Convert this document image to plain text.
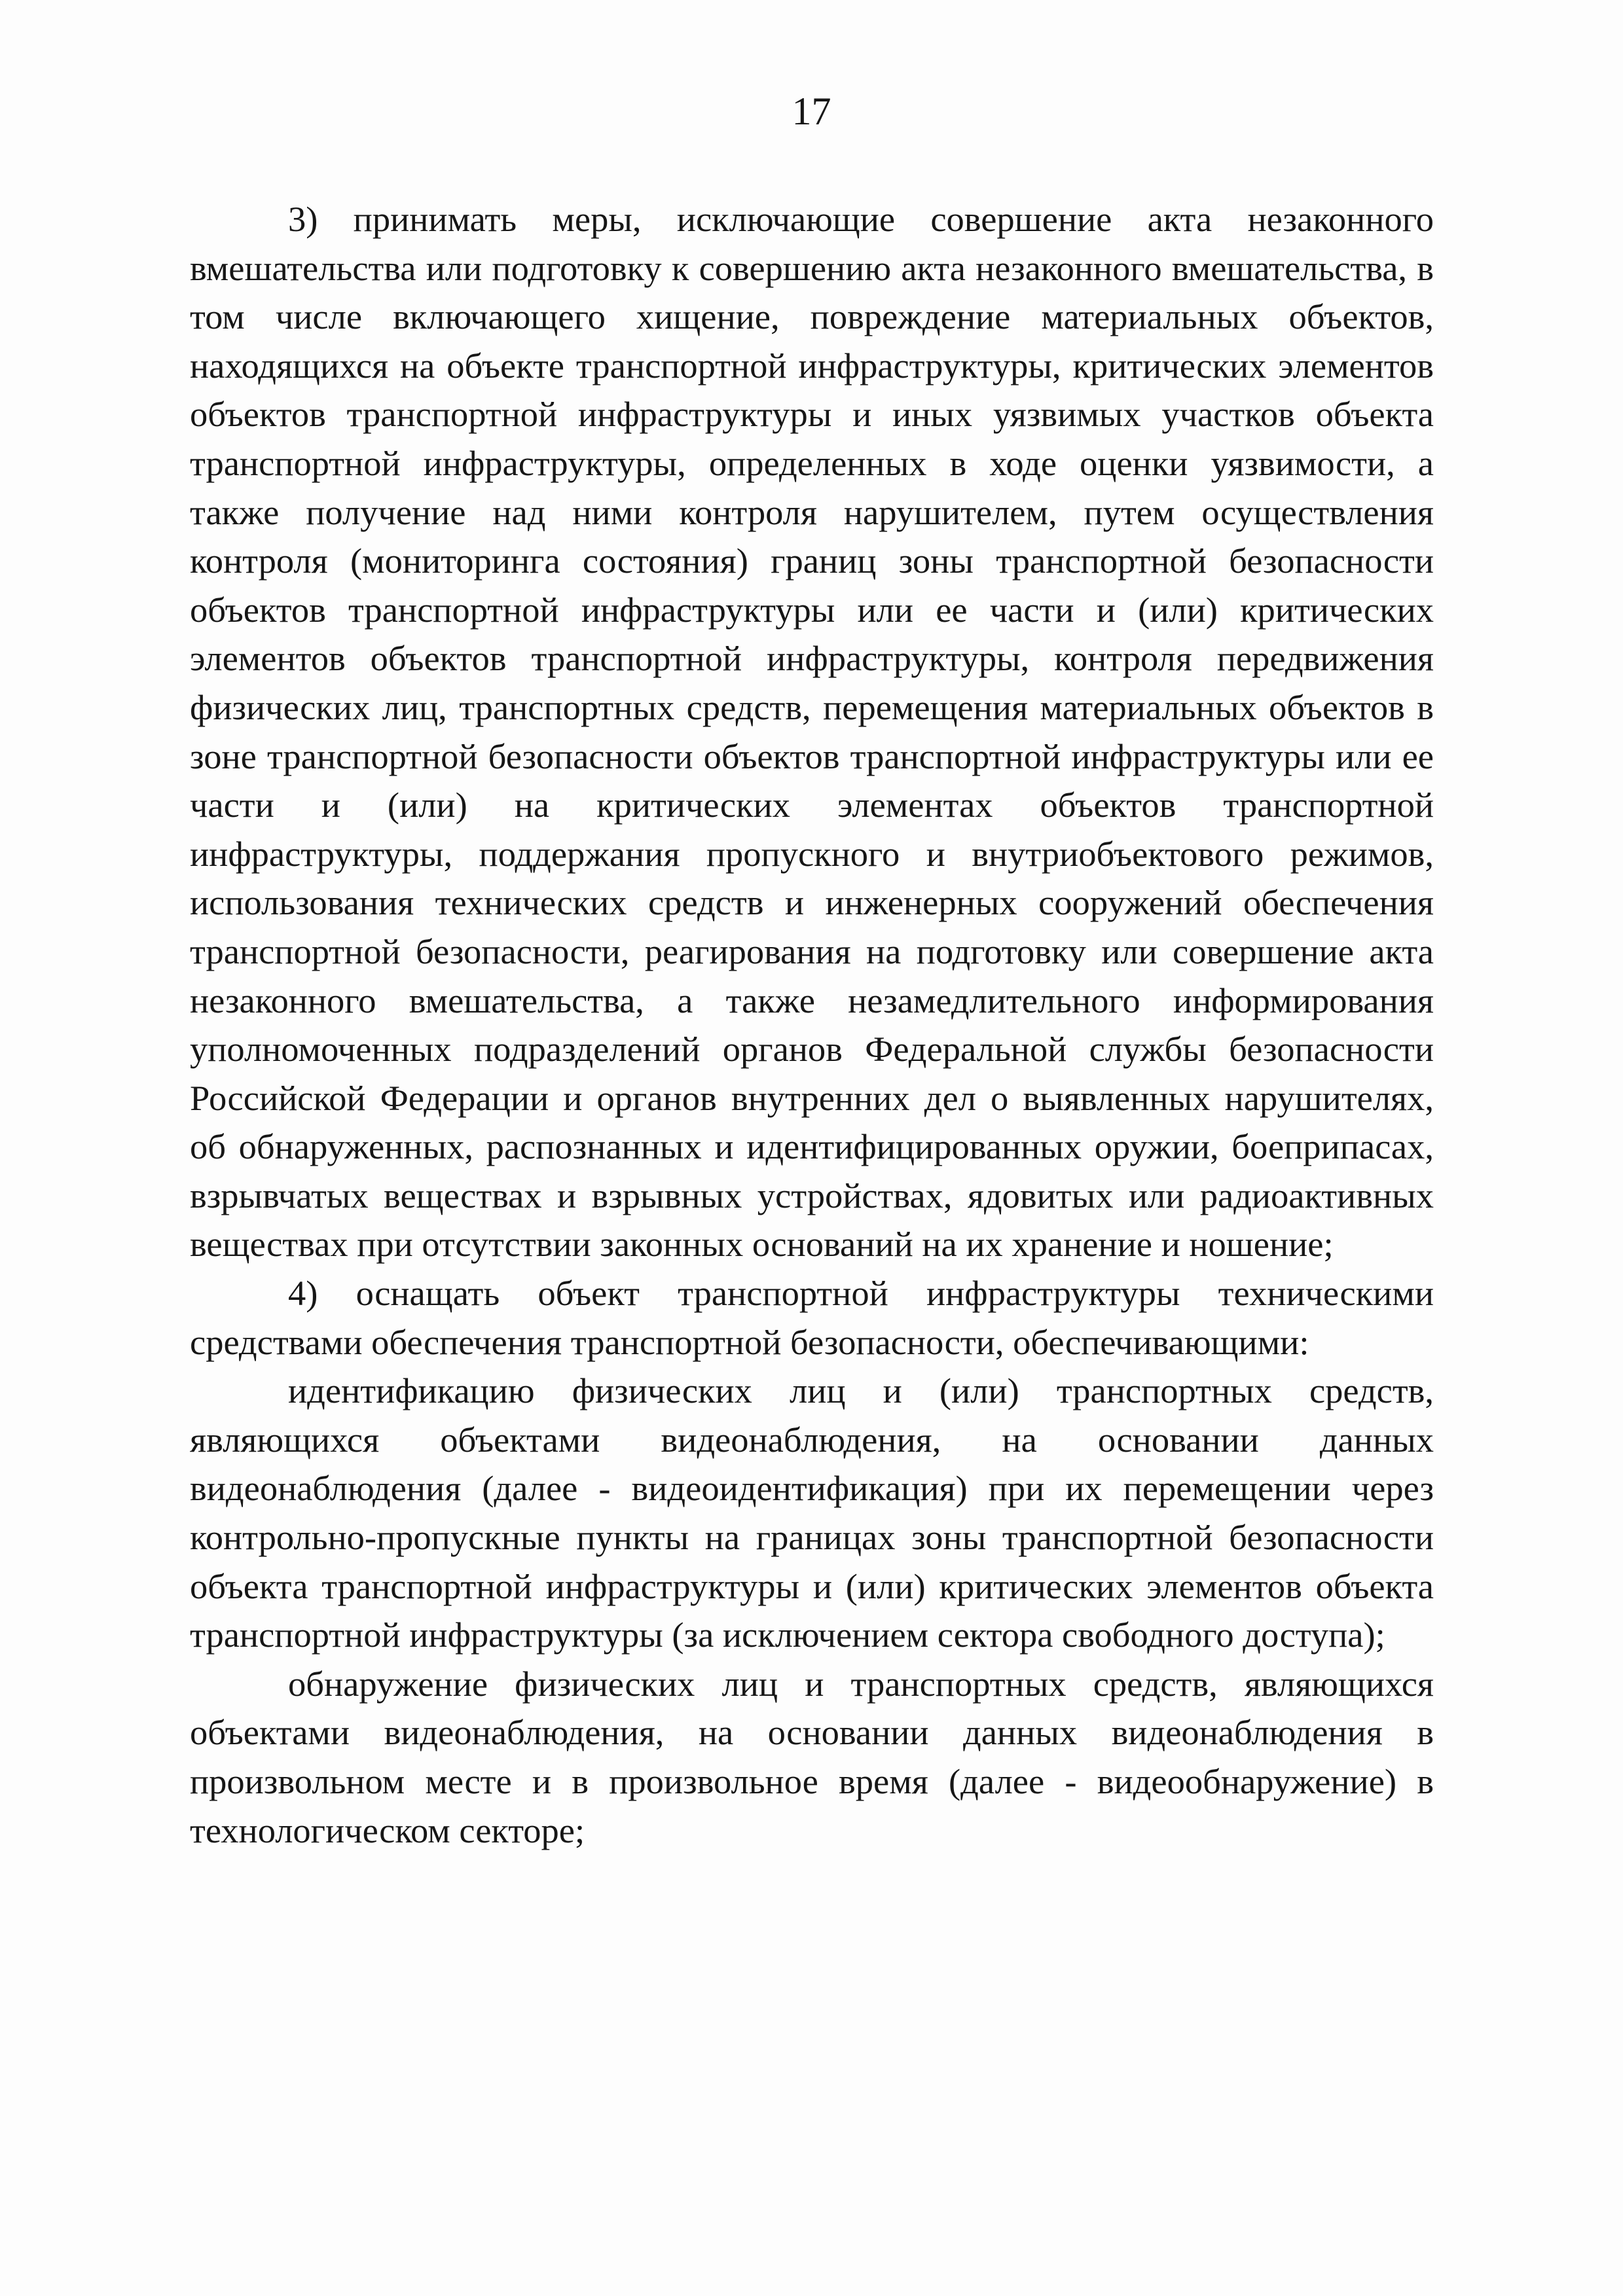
17

3) принимать меры, исключающие совершение акта незаконного вмешательства или подготовку к совершению акта незаконного вмешательства, в том числе включающего хищение, повреждение материальных объектов, находящихся на объекте транспортной инфраструктуры, критических элементов объектов транспортной инфраструктуры и иных уязвимых участков объекта транспортной инфраструктуры, определенных в ходе оценки уязвимости, а также получение над ними контроля нарушителем, путем осуществления контроля (мониторинга состояния) границ зоны транспортной безопасности объектов транспортной инфраструктуры или ее части и (или) критических элементов объектов транспортной инфраструктуры, контроля передвижения физических лиц, транспортных средств, перемещения материальных объектов в зоне транспортной безопасности объектов транспортной инфраструктуры или ее части и (или) на критических элементах объектов транспортной инфраструктуры, поддержания пропускного и внутриобъектового режимов, использования технических средств и инженерных сооружений обеспечения транспортной безопасности, реагирования на подготовку или совершение акта незаконного вмешательства, а также незамедлительного информирования уполномоченных подразделений органов Федеральной службы безопасности Российской Федерации и органов внутренних дел о выявленных нарушителях, об обнаруженных, распознанных и идентифицированных оружии, боеприпасах, взрывчатых веществах и взрывных устройствах, ядовитых или радиоактивных веществах при отсутствии законных оснований на их хранение и ношение;

4) оснащать объект транспортной инфраструктуры техническими средствами обеспечения транспортной безопасности, обеспечивающими:

идентификацию физических лиц и (или) транспортных средств, являющихся объектами видеонаблюдения, на основании данных видеонаблюдения (далее - видеоидентификация) при их перемещении через контрольно-пропускные пункты на границах зоны транспортной безопасности объекта транспортной инфраструктуры и (или) критических элементов объекта транспортной инфраструктуры (за исключением сектора свободного доступа);

обнаружение физических лиц и транспортных средств, являющихся объектами видеонаблюдения, на основании данных видеонаблюдения в произвольном месте и в произвольное время (далее - видеообнаружение) в технологическом секторе;
